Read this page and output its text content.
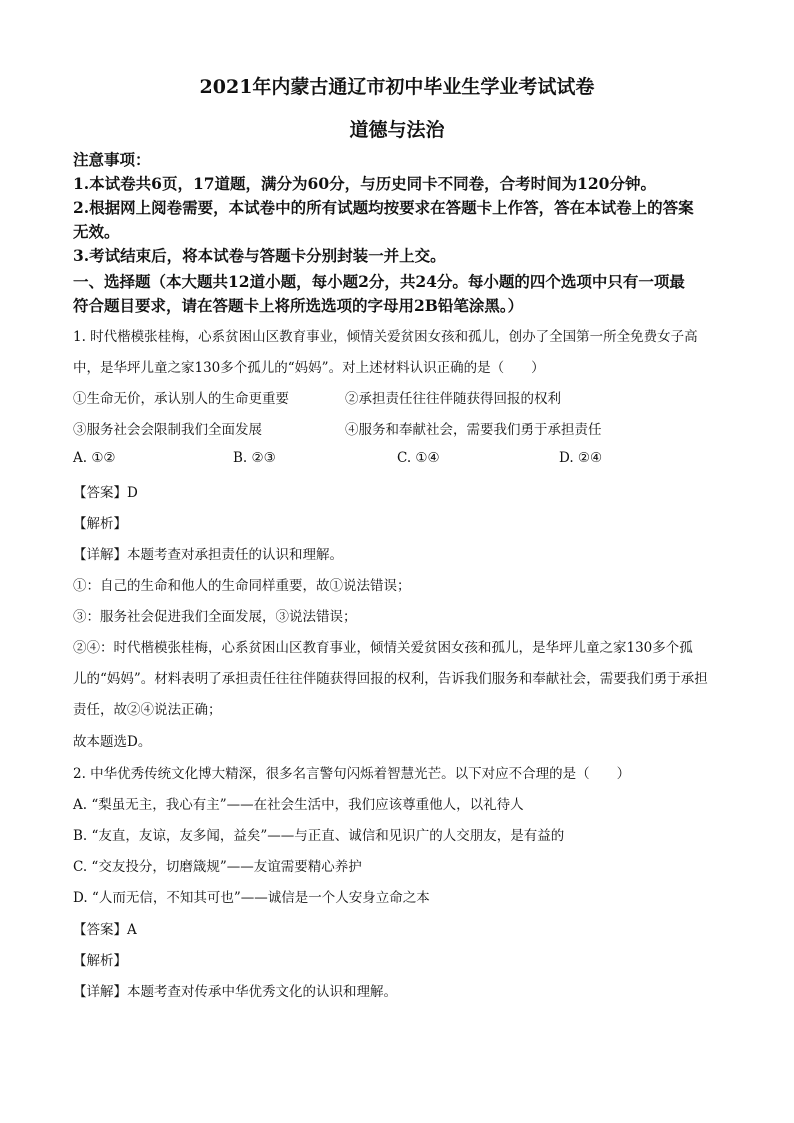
2021年内蒙古通辽市初中毕业生学业考试试卷
道德与法治
注意事项：
1.本试卷共6页，17道题，满分为60分，与历史同卡不同卷，合考时间为120分钟。
2.根据网上阅卷需要，本试卷中的所有试题均按要求在答题卡上作答，答在本试卷上的答案
无效。
3.考试结束后，将本试卷与答题卡分别封装一并上交。
一、选择题（本大题共12道小题，每小题2分，共24分。每小题的四个选项中只有一项最
符合题目要求，请在答题卡上将所选选项的字母用2B铅笔涂黑。）
1. 时代楷模张桂梅，心系贫困山区教育事业，倾情关爱贫困女孩和孤儿，创办了全国第一所全免费女子高
中，是华坪儿童之家130多个孤儿的“妈妈”。对上述材料认识正确的是（　　）
①生命无价，承认别人的生命更重要	②承担责任往往伴随获得回报的权利
③服务社会会限制我们全面发展	④服务和奉献社会，需要我们勇于承担责任
A. ①②	B. ②③	C. ①④	D. ②④
【答案】D
【解析】
【详解】本题考查对承担责任的认识和理解。
①：自己的生命和他人的生命同样重要，故①说法错误；
③：服务社会促进我们全面发展，③说法错误；
②④：时代楷模张桂梅，心系贫困山区教育事业，倾情关爱贫困女孩和孤儿，是华坪儿童之家130多个孤
儿的“妈妈”。材料表明了承担责任往往伴随获得回报的权利，告诉我们服务和奉献社会，需要我们勇于承担
责任，故②④说法正确；
故本题选D。
2. 中华优秀传统文化博大精深，很多名言警句闪烁着智慧光芒。以下对应不合理的是（　　）
A. “梨虽无主，我心有主”——在社会生活中，我们应该尊重他人，以礼待人
B. “友直，友谅，友多闻，益矣”——与正直、诚信和见识广的人交朋友，是有益的
C. “交友投分，切磨箴规”——友谊需要精心养护
D. “人而无信，不知其可也”——诚信是一个人安身立命之本
【答案】A
【解析】
【详解】本题考查对传承中华优秀文化的认识和理解。
